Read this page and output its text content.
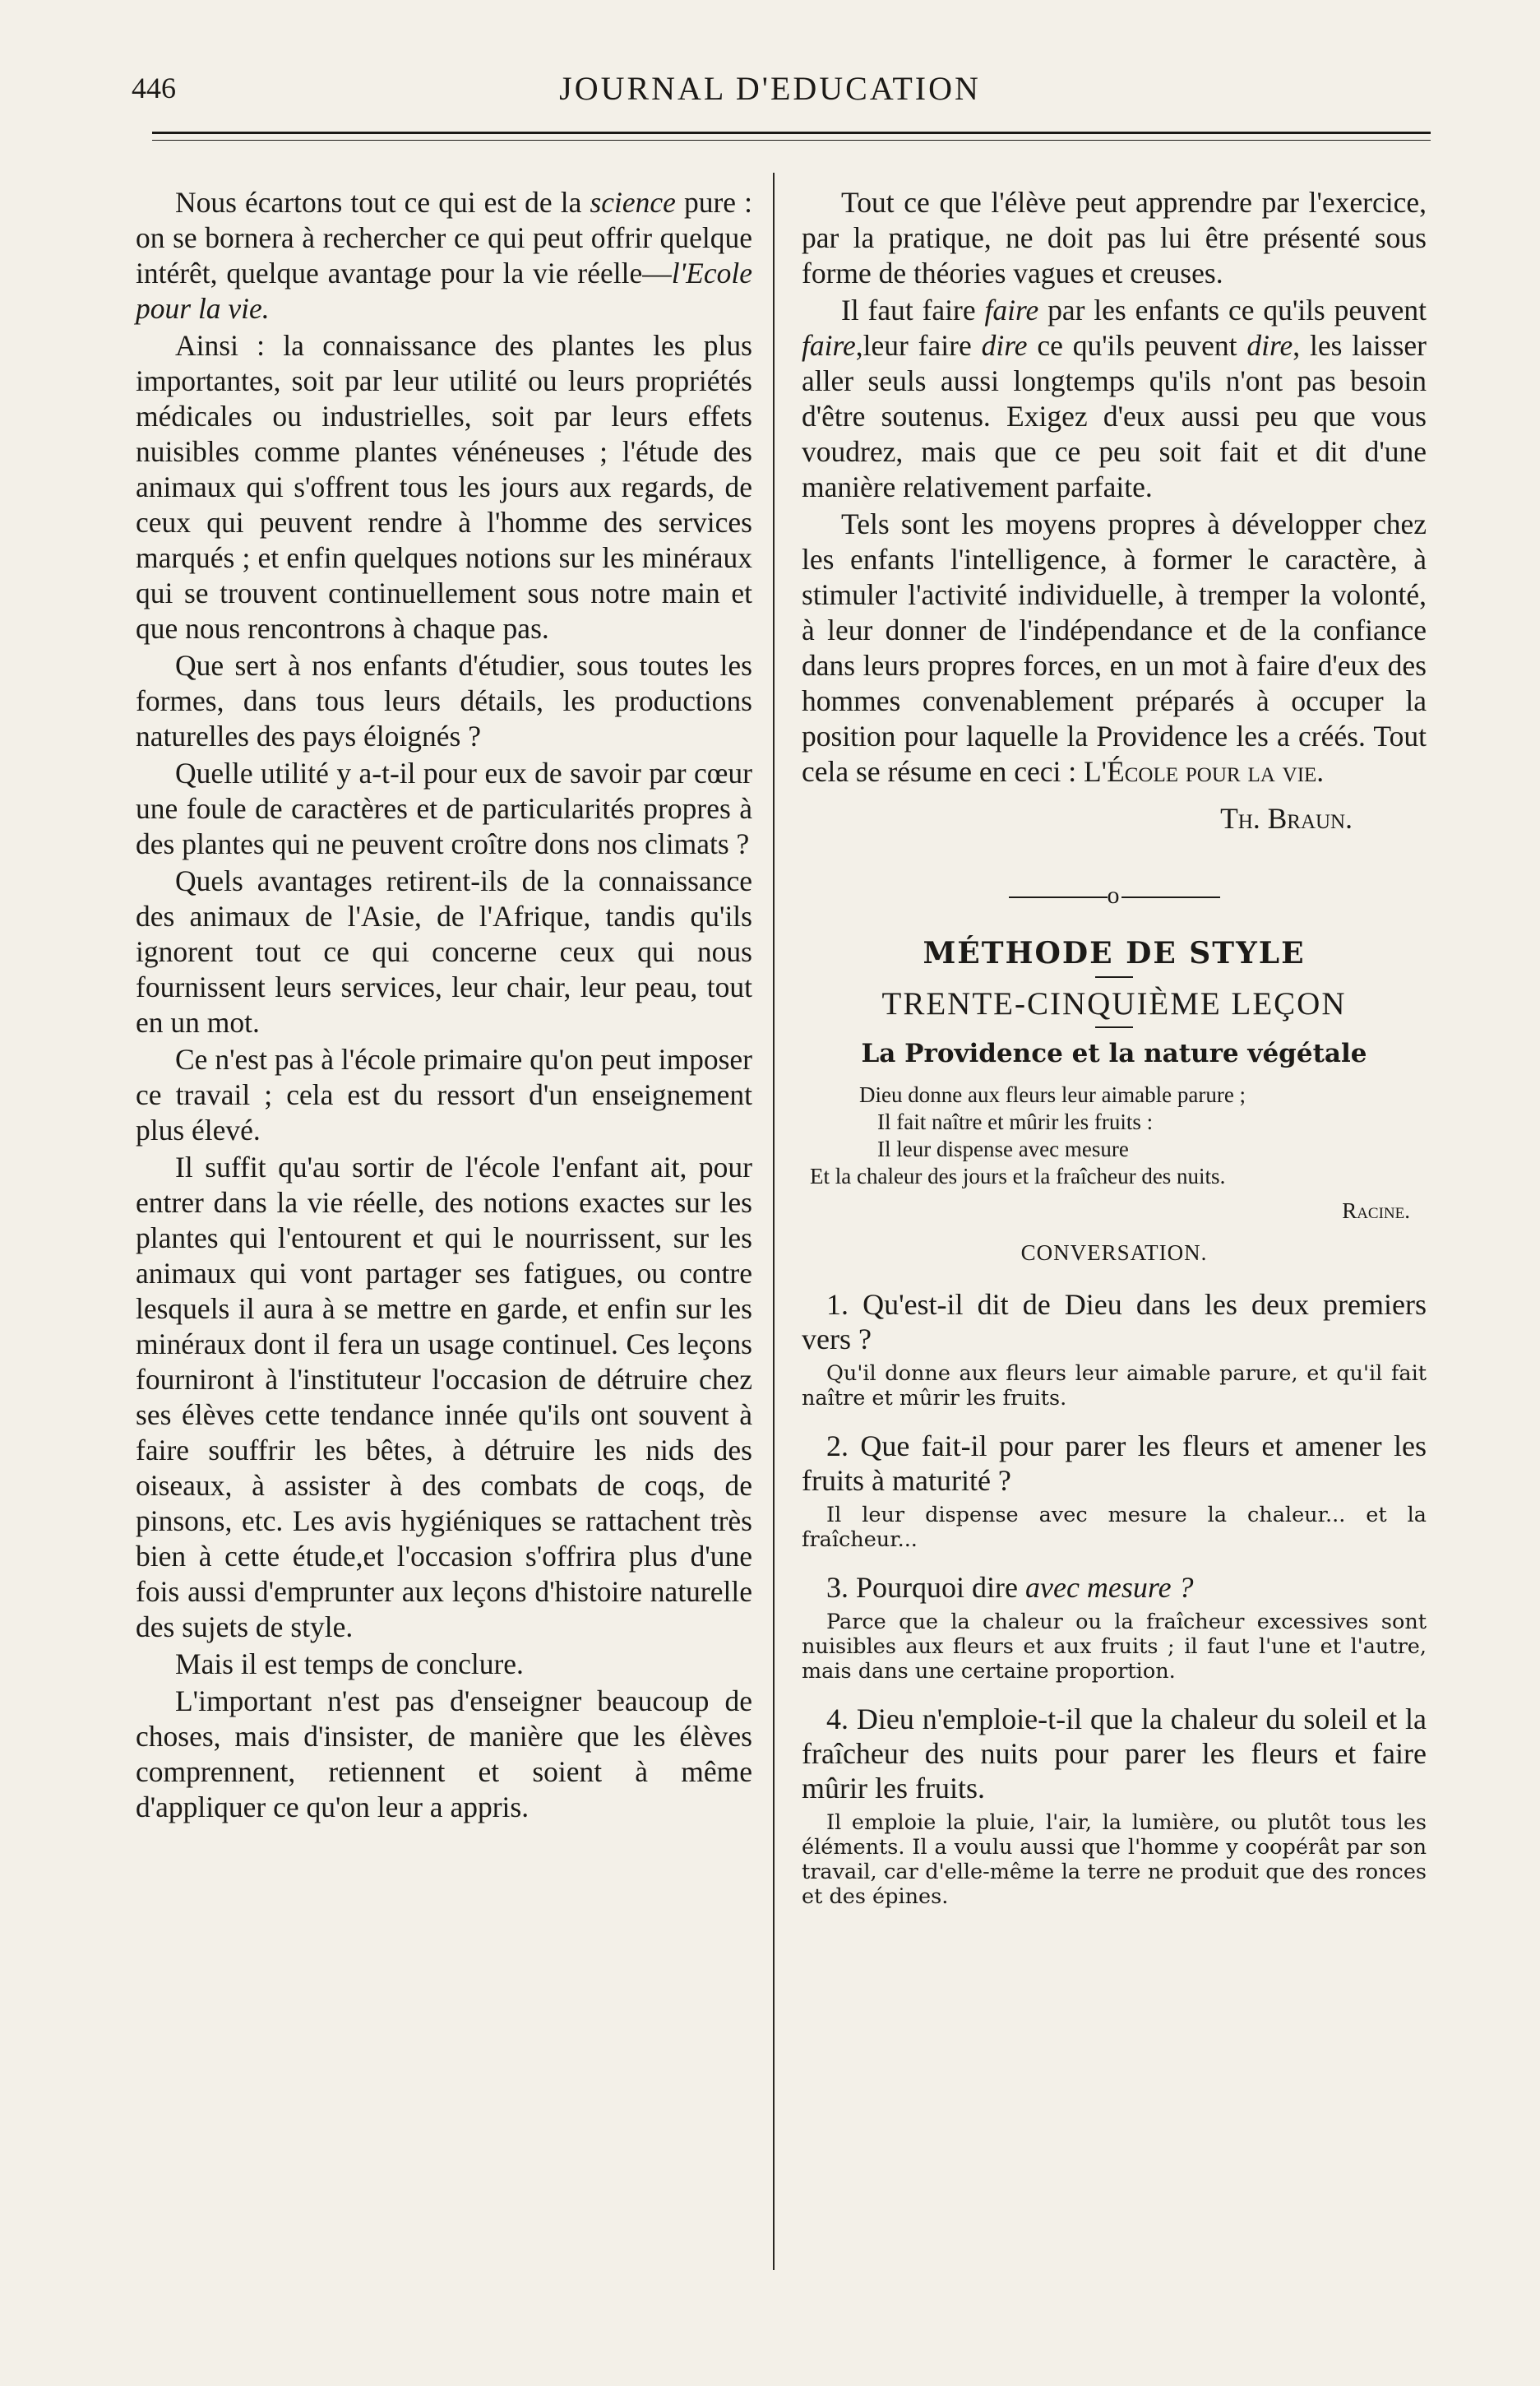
446	JOURNAL D'EDUCATION

Nous écartons tout ce qui est de la science pure : on se bornera à rechercher ce qui peut offrir quelque intérêt, quelque avantage pour la vie réelle—l'Ecole pour la vie.

Ainsi : la connaissance des plantes les plus importantes, soit par leur utilité ou leurs propriétés médicales ou industrielles, soit par leurs effets nuisibles comme plantes vénéneuses ; l'étude des animaux qui s'offrent tous les jours aux regards, de ceux qui peuvent rendre à l'homme des services marqués ; et enfin quelques notions sur les minéraux qui se trouvent continuellement sous notre main et que nous rencontrons à chaque pas.

Que sert à nos enfants d'étudier, sous toutes les formes, dans tous leurs détails, les productions naturelles des pays éloignés ?

Quelle utilité y a-t-il pour eux de savoir par cœur une foule de caractères et de particularités propres à des plantes qui ne peuvent croître dons nos climats ?

Quels avantages retirent-ils de la connaissance des animaux de l'Asie, de l'Afrique, tandis qu'ils ignorent tout ce qui concerne ceux qui nous fournissent leurs services, leur chair, leur peau, tout en un mot.

Ce n'est pas à l'école primaire qu'on peut imposer ce travail ; cela est du ressort d'un enseignement plus élevé.

Il suffit qu'au sortir de l'école l'enfant ait, pour entrer dans la vie réelle, des notions exactes sur les plantes qui l'entourent et qui le nourrissent, sur les animaux qui vont partager ses fatigues, ou contre lesquels il aura à se mettre en garde, et enfin sur les minéraux dont il fera un usage continuel. Ces leçons fourniront à l'instituteur l'occasion de détruire chez ses élèves cette tendance innée qu'ils ont souvent à faire souffrir les bêtes, à détruire les nids des oiseaux, à assister à des combats de coqs, de pinsons, etc. Les avis hygiéniques se rattachent très bien à cette étude,et l'occasion s'offrira plus d'une fois aussi d'emprunter aux leçons d'histoire naturelle des sujets de style.

Mais il est temps de conclure.

L'important n'est pas d'enseigner beaucoup de choses, mais d'insister, de manière que les élèves comprennent, retiennent et soient à même d'appliquer ce qu'on leur a appris.

Tout ce que l'élève peut apprendre par l'exercice, par la pratique, ne doit pas lui être présenté sous forme de théories vagues et creuses.

Il faut faire faire par les enfants ce qu'ils peuvent faire,leur faire dire ce qu'ils peuvent dire, les laisser aller seuls aussi longtemps qu'ils n'ont pas besoin d'être soutenus. Exigez d'eux aussi peu que vous voudrez, mais que ce peu soit fait et dit d'une manière relativement parfaite.

Tels sont les moyens propres à développer chez les enfants l'intelligence, à former le caractère, à stimuler l'activité individuelle, à tremper la volonté, à leur donner de l'indépendance et de la confiance dans leurs propres forces, en un mot à faire d'eux des hommes convenablement préparés à occuper la position pour laquelle la Providence les a créés. Tout cela se résume en ceci : L'École pour la vie.

Th. Braun.

o
MÉTHODE DE STYLE
TRENTE-CINQUIÈME LEÇON
La Providence et la nature végétale
Dieu donne aux fleurs leur aimable parure ;
Il fait naître et mûrir les fruits :
Il leur dispense avec mesure
Et la chaleur des jours et la fraîcheur des nuits.
Racine.
CONVERSATION.
1. Qu'est-il dit de Dieu dans les deux premiers vers ?
Qu'il donne aux fleurs leur aimable parure, et qu'il fait naître et mûrir les fruits.
2. Que fait-il pour parer les fleurs et amener les fruits à maturité ?
Il leur dispense avec mesure la chaleur... et la fraîcheur...
3. Pourquoi dire avec mesure ?
Parce que la chaleur ou la fraîcheur excessives sont nuisibles aux fleurs et aux fruits ; il faut l'une et l'autre, mais dans une certaine proportion.
4. Dieu n'emploie-t-il que la chaleur du soleil et la fraîcheur des nuits pour parer les fleurs et faire mûrir les fruits.
Il emploie la pluie, l'air, la lumière, ou plutôt tous les éléments. Il a voulu aussi que l'homme y coopérât par son travail, car d'elle-même la terre ne produit que des ronces et des épines.
